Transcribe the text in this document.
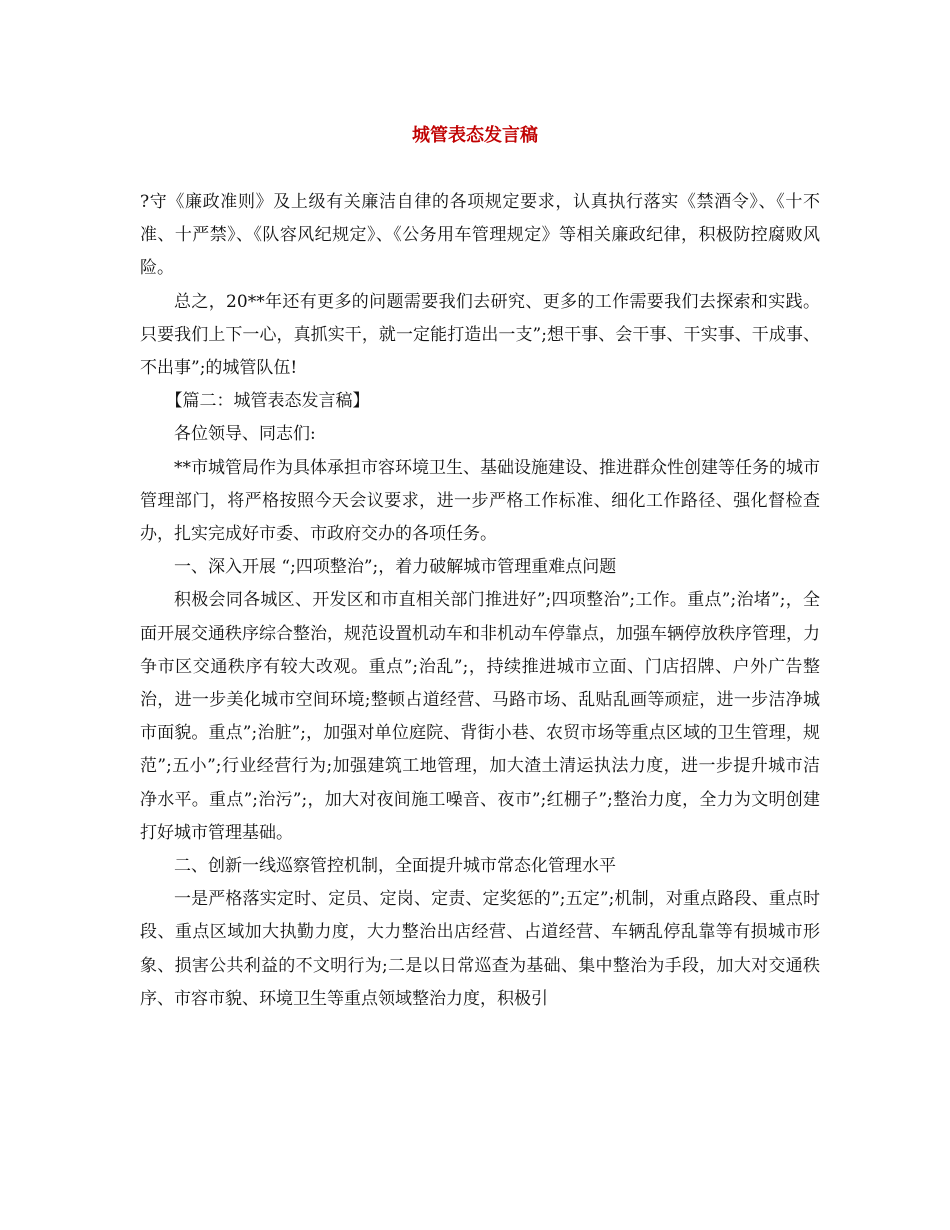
城管表态发言稿

?守《廉政准则》及上级有关廉洁自律的各项规定要求，认真执行落实《禁酒令》、《十不准、十严禁》、《队容风纪规定》、《公务用车管理规定》等相关廉政纪律，积极防控腐败风险。

总之，20**年还有更多的问题需要我们去研究、更多的工作需要我们去探索和实践。只要我们上下一心，真抓实干，就一定能打造出一支”;想干事、会干事、干实事、干成事、不出事”;的城管队伍!

【篇二：城管表态发言稿】

各位领导、同志们:

**市城管局作为具体承担市容环境卫生、基础设施建设、推进群众性创建等任务的城市管理部门，将严格按照今天会议要求，进一步严格工作标准、细化工作路径、强化督检查办，扎实完成好市委、市政府交办的各项任务。

一、深入开展 “;四项整治”;，着力破解城市管理重难点问题

积极会同各城区、开发区和市直相关部门推进好”;四项整治”;工作。重点”;治堵”;，全面开展交通秩序综合整治，规范设置机动车和非机动车停靠点，加强车辆停放秩序管理，力争市区交通秩序有较大改观。重点”;治乱”;，持续推进城市立面、门店招牌、户外广告整治，进一步美化城市空间环境;整顿占道经营、马路市场、乱贴乱画等顽症，进一步洁净城市面貌。重点”;治脏”;，加强对单位庭院、背街小巷、农贸市场等重点区域的卫生管理，规范”;五小”;行业经营行为;加强建筑工地管理，加大渣土清运执法力度，进一步提升城市洁净水平。重点”;治污”;，加大对夜间施工噪音、夜市”;红棚子”;整治力度，全力为文明创建打好城市管理基础。

二、创新一线巡察管控机制，全面提升城市常态化管理水平

一是严格落实定时、定员、定岗、定责、定奖惩的”;五定”;机制，对重点路段、重点时段、重点区域加大执勤力度，大力整治出店经营、占道经营、车辆乱停乱靠等有损城市形象、损害公共利益的不文明行为;二是以日常巡查为基础、集中整治为手段，加大对交通秩序、市容市貌、环境卫生等重点领域整治力度，积极引
